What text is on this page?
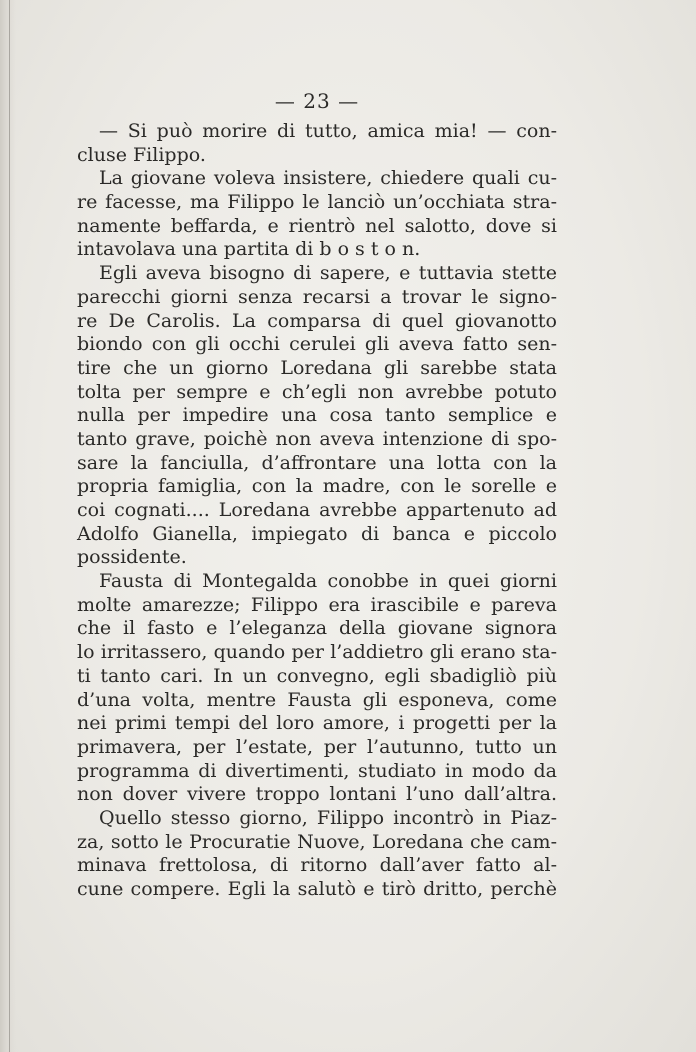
— 23 —
— Si può morire di tutto, amica mia! — con-
cluse Filippo.
La giovane voleva insistere, chiedere quali cu-
re facesse, ma Filippo le lanciò un’occhiata stra-
namente beffarda, e rientrò nel salotto, dove si
intavolava una partita di b o s t o n.
Egli aveva bisogno di sapere, e tuttavia stette
parecchi giorni senza recarsi a trovar le signo-
re De Carolis. La comparsa di quel giovanotto
biondo con gli occhi cerulei gli aveva fatto sen-
tire che un giorno Loredana gli sarebbe stata
tolta per sempre e ch’egli non avrebbe potuto
nulla per impedire una cosa tanto semplice e
tanto grave, poichè non aveva intenzione di spo-
sare la fanciulla, d’affrontare una lotta con la
propria famiglia, con la madre, con le sorelle e
coi cognati.... Loredana avrebbe appartenuto ad
Adolfo Gianella, impiegato di banca e piccolo
possidente.
Fausta di Montegalda conobbe in quei giorni
molte amarezze; Filippo era irascibile e pareva
che il fasto e l’eleganza della giovane signora
lo irritassero, quando per l’addietro gli erano sta-
ti tanto cari. In un convegno, egli sbadigliò più
d’una volta, mentre Fausta gli esponeva, come
nei primi tempi del loro amore, i progetti per la
primavera, per l’estate, per l’autunno, tutto un
programma di divertimenti, studiato in modo da
non dover vivere troppo lontani l’uno dall’altra.
Quello stesso giorno, Filippo incontrò in Piaz-
za, sotto le Procuratie Nuove, Loredana che cam-
minava frettolosa, di ritorno dall’aver fatto al-
cune compere. Egli la salutò e tirò dritto, perchè
